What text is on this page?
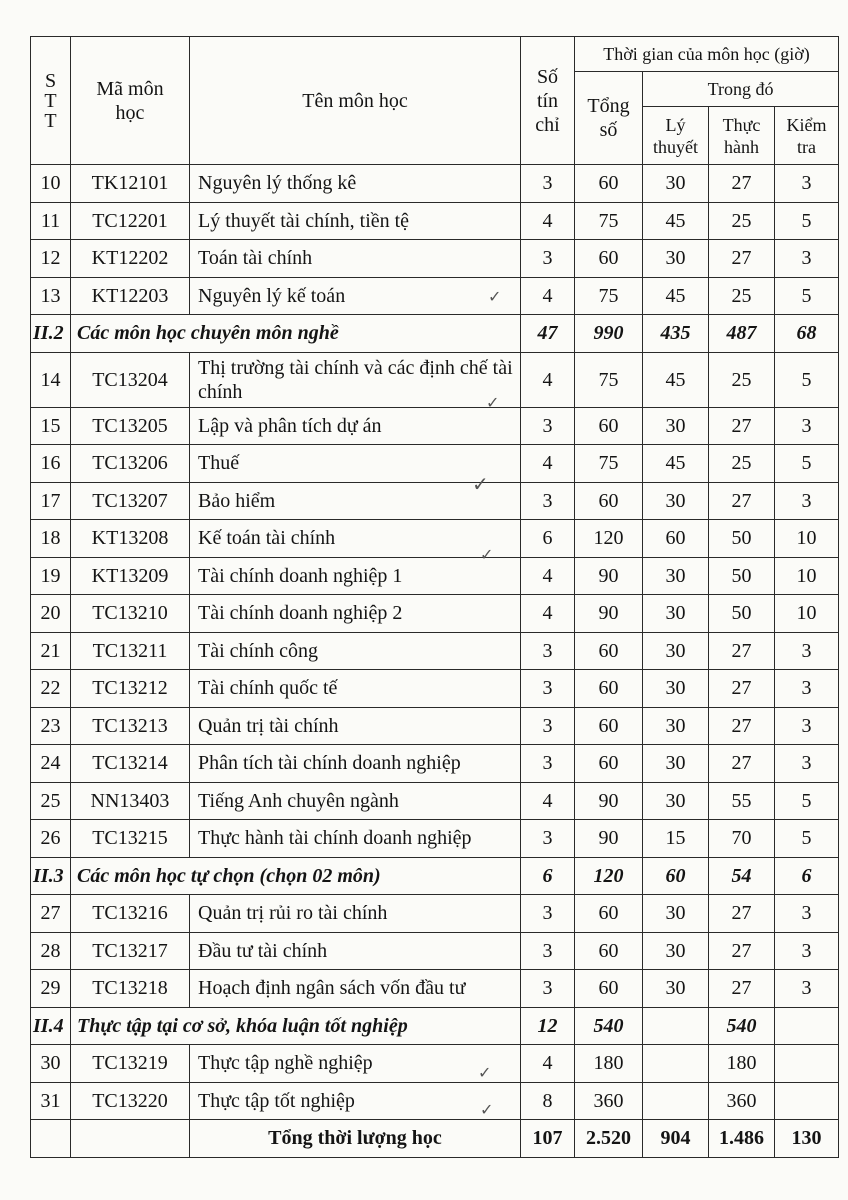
S T T	Mã môn học	Tên môn học	Số tín chỉ	Thời gian của môn học (giờ)			
				Tổng số	Trong đó		
					Lý thuyết	Thực hành	Kiểm tra
10	TK12101	Nguyên lý thống kê	3	60	30	27	3
11	TC12201	Lý thuyết tài chính, tiền tệ	4	75	45	25	5
12	KT12202	Toán tài chính	3	60	30	27	3
13	KT12203	Nguyên lý kế toán	4	75	45	25	5
II.2	Các môn học chuyên môn nghề		47	990	435	487	68
14	TC13204	Thị trường tài chính và các định chế tài chính	4	75	45	25	5
15	TC13205	Lập và phân tích dự án	3	60	30	27	3
16	TC13206	Thuế	4	75	45	25	5
17	TC13207	Bảo hiểm	3	60	30	27	3
18	KT13208	Kế toán tài chính	6	120	60	50	10
19	KT13209	Tài chính doanh nghiệp 1	4	90	30	50	10
20	TC13210	Tài chính doanh nghiệp 2	4	90	30	50	10
21	TC13211	Tài chính công	3	60	30	27	3
22	TC13212	Tài chính quốc tế	3	60	30	27	3
23	TC13213	Quản trị tài chính	3	60	30	27	3
24	TC13214	Phân tích tài chính doanh nghiệp	3	60	30	27	3
25	NN13403	Tiếng Anh chuyên ngành	4	90	30	55	5
26	TC13215	Thực hành tài chính doanh nghiệp	3	90	15	70	5
II.3	Các môn học tự chọn (chọn 02 môn)		6	120	60	54	6
27	TC13216	Quản trị rủi ro tài chính	3	60	30	27	3
28	TC13217	Đầu tư tài chính	3	60	30	27	3
29	TC13218	Hoạch định ngân sách vốn đầu tư	3	60	30	27	3
II.4	Thực tập tại cơ sở, khóa luận tốt nghiệp		12	540		540	
30	TC13219	Thực tập nghề nghiệp	4	180		180	
31	TC13220	Thực tập tốt nghiệp	8	360		360	
		Tổng thời lượng học	107	2.520	904	1.486	130
✓
✓
✓
✓
✓
✓
